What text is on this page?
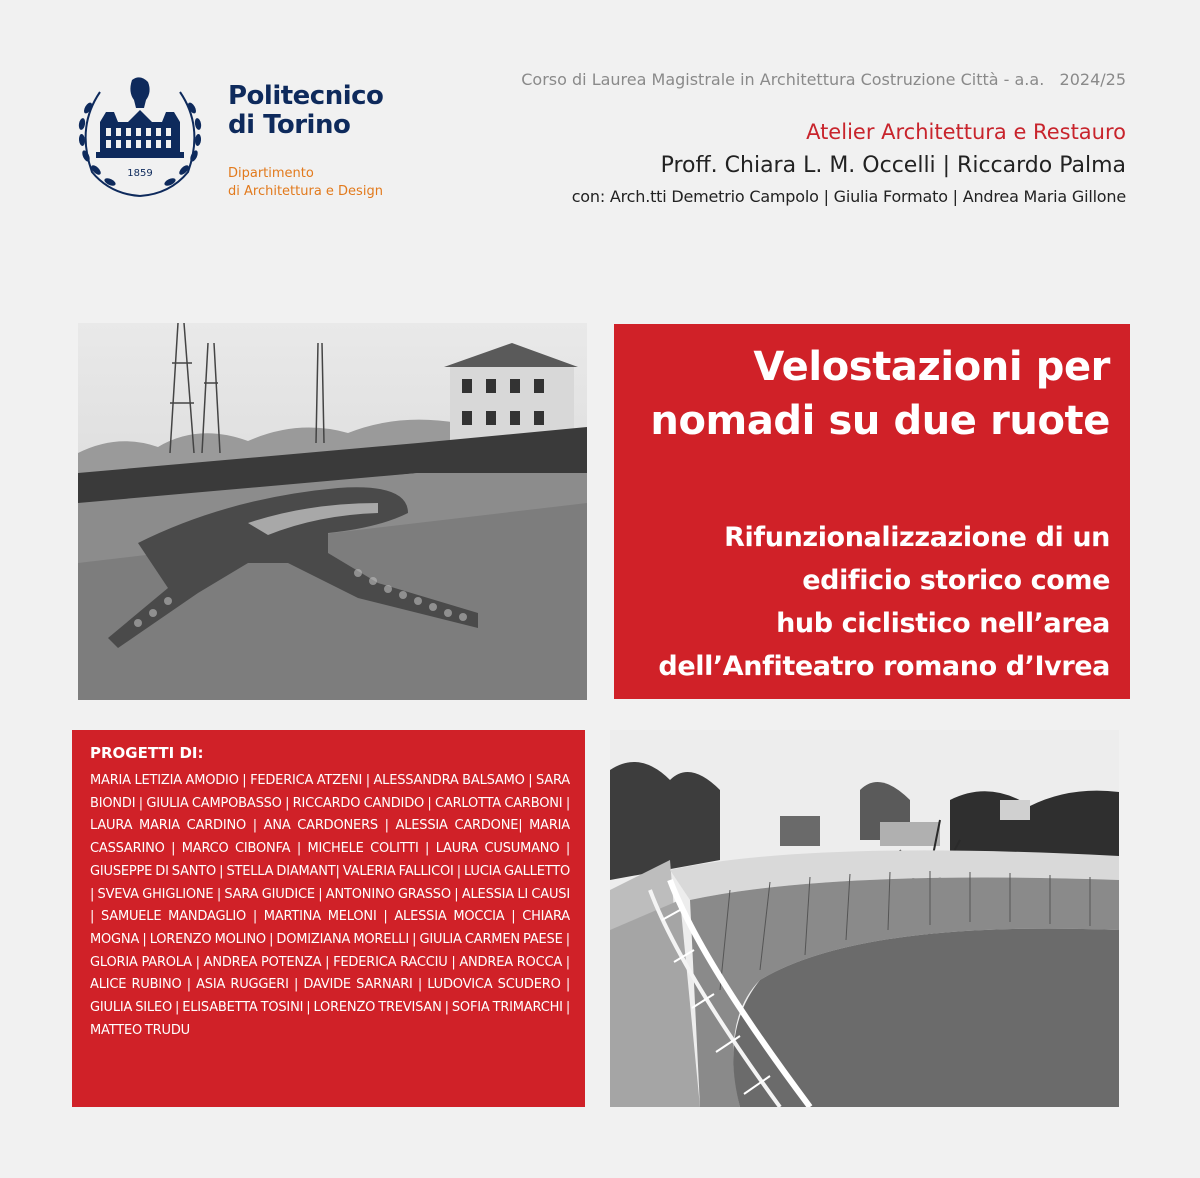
1859
Politecnico
di Torino
Dipartimento
di Architettura e Design
Corso di Laurea Magistrale in Architettura Costruzione Città - a.a.   2024/25
Atelier Architettura e Restauro
Proff. Chiara L. M. Occelli | Riccardo Palma
con: Arch.tti Demetrio Campolo | Giulia Formato | Andrea Maria Gillone
Velostazioni per
nomadi su due ruote
Rifunzionalizzazione di un
edificio storico come
hub ciclistico nell’area
dell’Anfiteatro romano d’Ivrea
PROGETTI DI:
MARIA LETIZIA AMODIO | FEDERICA ATZENI | ALESSANDRA BALSAMO | SARA BIONDI | GIULIA CAMPOBASSO | RICCARDO CANDIDO | CARLOTTA CARBONI | LAURA MARIA CARDINO | ANA CARDONERS | ALESSIA CARDONE| MARIA CASSARINO | MARCO CIBONFA | MICHELE COLITTI | LAURA CUSUMANO | GIUSEPPE DI SANTO | STELLA DIAMANT| VALERIA FALLICOI | LUCIA GALLETTO | SVEVA GHIGLIONE | SARA GIUDICE | ANTONINO GRASSO | ALESSIA LI CAUSI | SAMUELE MANDAGLIO | MARTINA MELONI | ALESSIA MOCCIA | CHIARA MOGNA | LORENZO MOLINO | DOMIZIANA MORELLI | GIULIA CARMEN PAESE | GLORIA PAROLA | ANDREA POTENZA | FEDERICA RACCIU | ANDREA ROCCA | ALICE RUBINO | ASIA RUGGERI | DAVIDE SARNARI | LUDOVICA SCUDERO | GIULIA SILEO | ELISABETTA TOSINI | LORENZO TREVISAN | SOFIA TRIMARCHI | MATTEO TRUDU
